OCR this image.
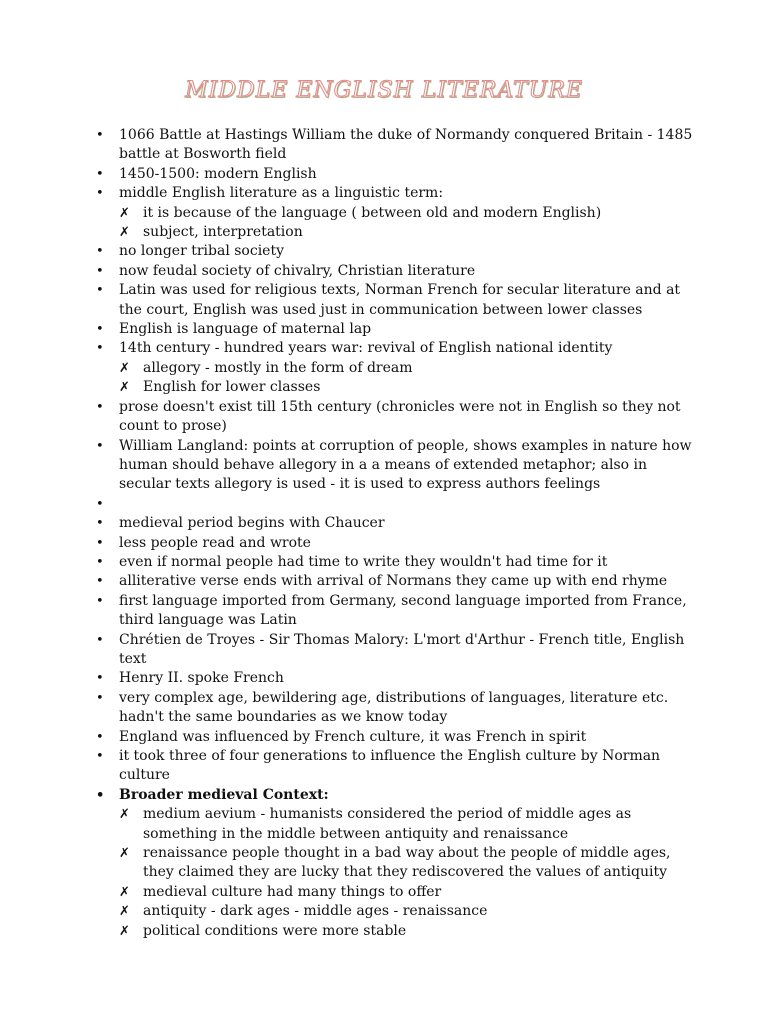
MIDDLE ENGLISH LITERATURE
• 1066 Battle at Hastings William the duke of Normandy conquered Britain - 1485 battle at Bosworth field
• 1450-1500: modern English
• middle English literature as a linguistic term:
✗ it is because of the language ( between old and modern English)
✗ subject, interpretation
• no longer tribal society
• now feudal society of chivalry, Christian literature
• Latin was used for religious texts, Norman French for secular literature and at the court, English was used just in communication between lower classes
• English is language of maternal lap
• 14th century - hundred years war: revival of English national identity
✗ allegory - mostly in the form of dream
✗ English for lower classes
• prose doesn't exist till 15th century (chronicles were not in English so they not count to prose)
• William Langland: points at corruption of people, shows examples in nature how human should behave allegory in a a means of extended metaphor; also in secular texts allegory is used - it is used to express authors feelings
•

• medieval period begins with Chaucer
• less people read and wrote
• even if normal people had time to write they wouldn't had time for it
• alliterative verse ends with arrival of Normans they came up with end rhyme
• first language imported from Germany, second language imported from France, third language was Latin
• Chrétien de Troyes - Sir Thomas Malory: L'mort d'Arthur - French title, English text
• Henry II. spoke French
• very complex age, bewildering age, distributions of languages, literature etc. hadn't the same boundaries as we know today
• England was influenced by French culture, it was French in spirit
• it took three of four generations to influence the English culture by Norman culture
• Broader medieval Context:
✗ medium aevium - humanists considered the period of middle ages as something in the middle between antiquity and renaissance
✗ renaissance people thought in a bad way about the people of middle ages, they claimed they are lucky that they rediscovered the values of antiquity
✗ medieval culture had many things to offer
✗ antiquity - dark ages - middle ages - renaissance
✗ political conditions were more stable
